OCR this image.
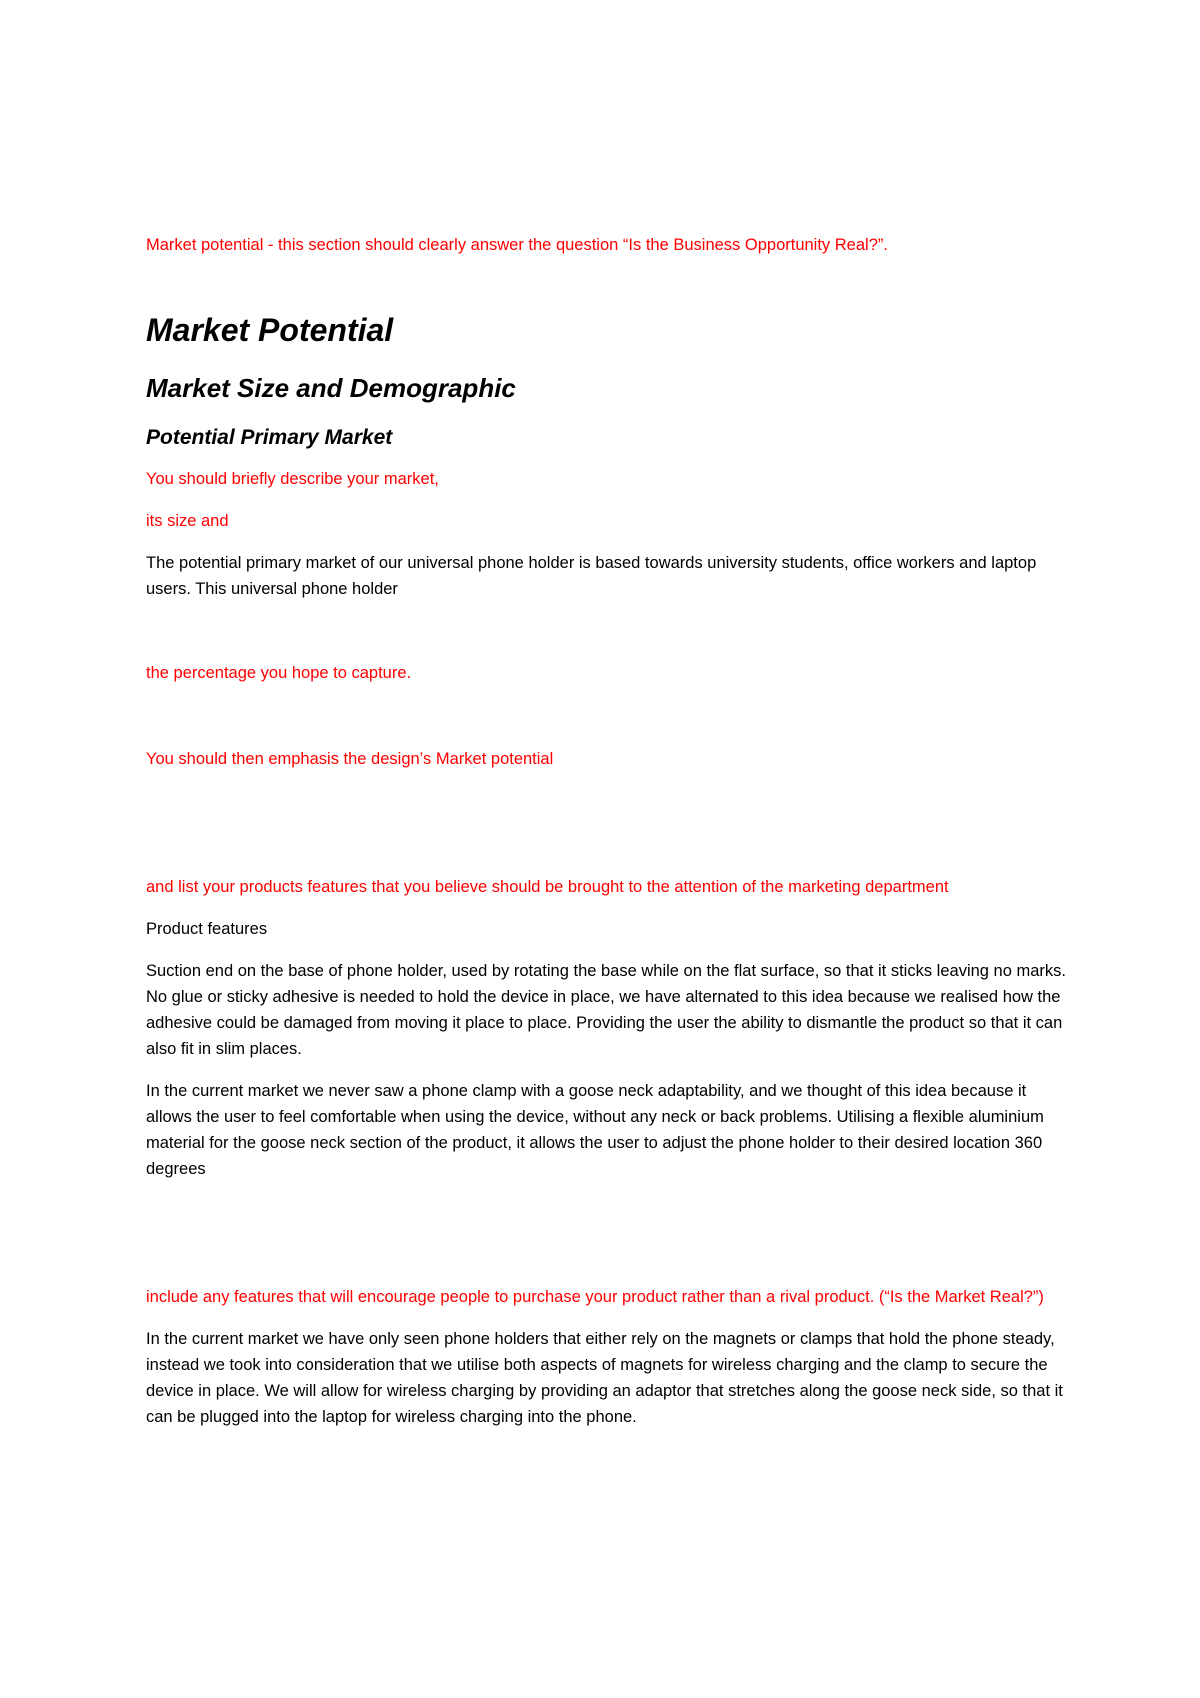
Market potential - this section should clearly answer the question “Is the Business Opportunity Real?”.

Market Potential
Market Size and Demographic
Potential Primary Market

You should briefly describe your market,

its size and

The potential primary market of our universal phone holder is based towards university students, office workers and laptop users. This universal phone holder

the percentage you hope to capture.

You should then emphasis the design’s Market potential

and list your products features that you believe should be brought to the attention of the marketing department

Product features

Suction end on the base of phone holder, used by rotating the base while on the flat surface, so that it sticks leaving no marks. No glue or sticky adhesive is needed to hold the device in place, we have alternated to this idea because we realised how the adhesive could be damaged from moving it place to place. Providing the user the ability to dismantle the product so that it can also fit in slim places.

In the current market we never saw a phone clamp with a goose neck adaptability, and we thought of this idea because it allows the user to feel comfortable when using the device, without any neck or back problems. Utilising a flexible aluminium material for the goose neck section of the product, it allows the user to adjust the phone holder to their desired location 360 degrees

include any features that will encourage people to purchase your product rather than a rival product. (“Is the Market Real?”)

In the current market we have only seen phone holders that either rely on the magnets or clamps that hold the phone steady, instead we took into consideration that we utilise both aspects of magnets for wireless charging and the clamp to secure the device in place. We will allow for wireless charging by providing an adaptor that stretches along the goose neck side, so that it can be plugged into the laptop for wireless charging into the phone.
